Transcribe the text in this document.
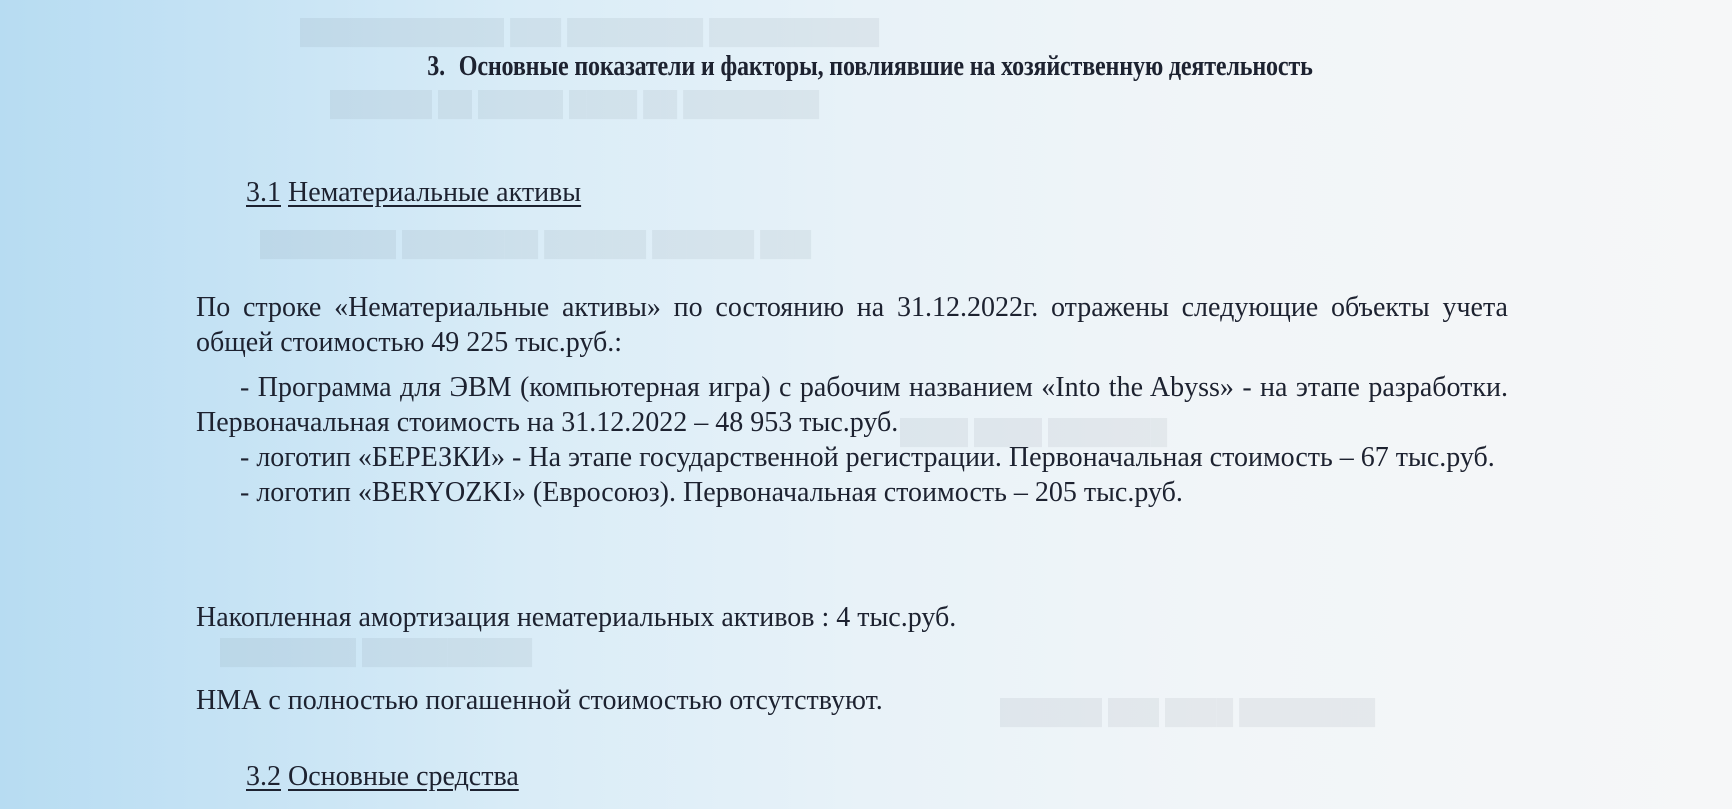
██████████ ████████ ███ ████████████
████████ ██ ████ █████ ██ ██████
███ ██████ ██████ ████████ ████████
███████ ████ ████
██████████ ████████
████████ ████ ███ ██████
3. Основные показатели и факторы, повлиявшие на хозяйственную деятельность
3.1 Нематериальные активы
По строке «Нематериальные активы» по состоянию на 31.12.2022г. отражены следующие объекты учета общей стоимостью 49 225 тыс.руб.:

- Программа для ЭВМ (компьютерная игра) с рабочим названием «Into the Abyss» - на этапе разработки. Первоначальная стоимость на 31.12.2022 – 48 953 тыс.руб.

- логотип «БЕРЕЗКИ» - На этапе государственной регистрации. Первоначальная стоимость – 67 тыс.руб.

- логотип «BERYOZKI» (Евросоюз). Первоначальная стоимость – 205 тыс.руб.

Накопленная амортизация нематериальных активов : 4 тыс.руб.
НМА с полностью погашенной стоимостью отсутствуют.
3.2 Основные средства
